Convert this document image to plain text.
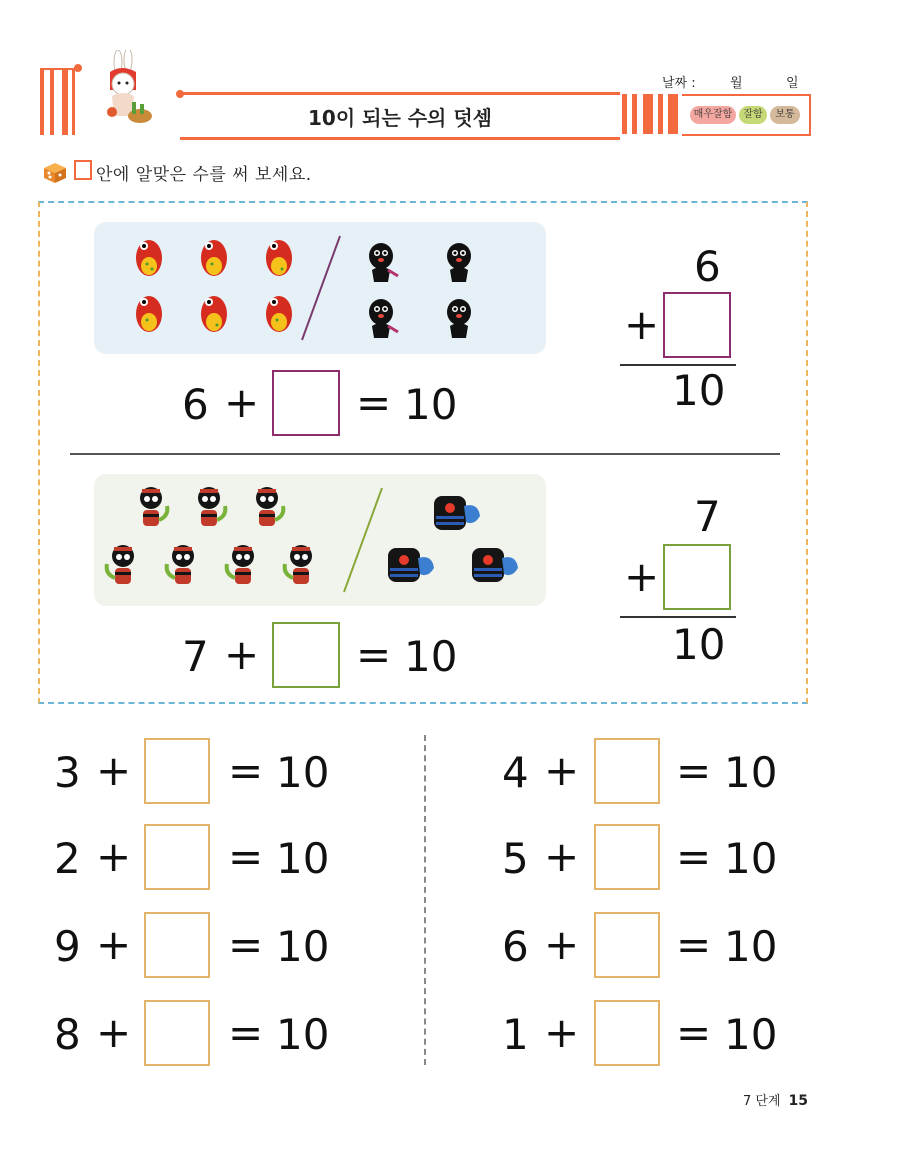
10이 되는 수의 덧셈
날짜 :	월	일
매우잘함	잘함	보통
안에 알맞은 수를 써 보세요.
6 + = 10
6
+
10
7 + = 10
7
+
10
3 + = 10
2 + = 10
9 + = 10
8 + = 10
4 + = 10
5 + = 10
6 + = 10
1 + = 10
7 단계 15
